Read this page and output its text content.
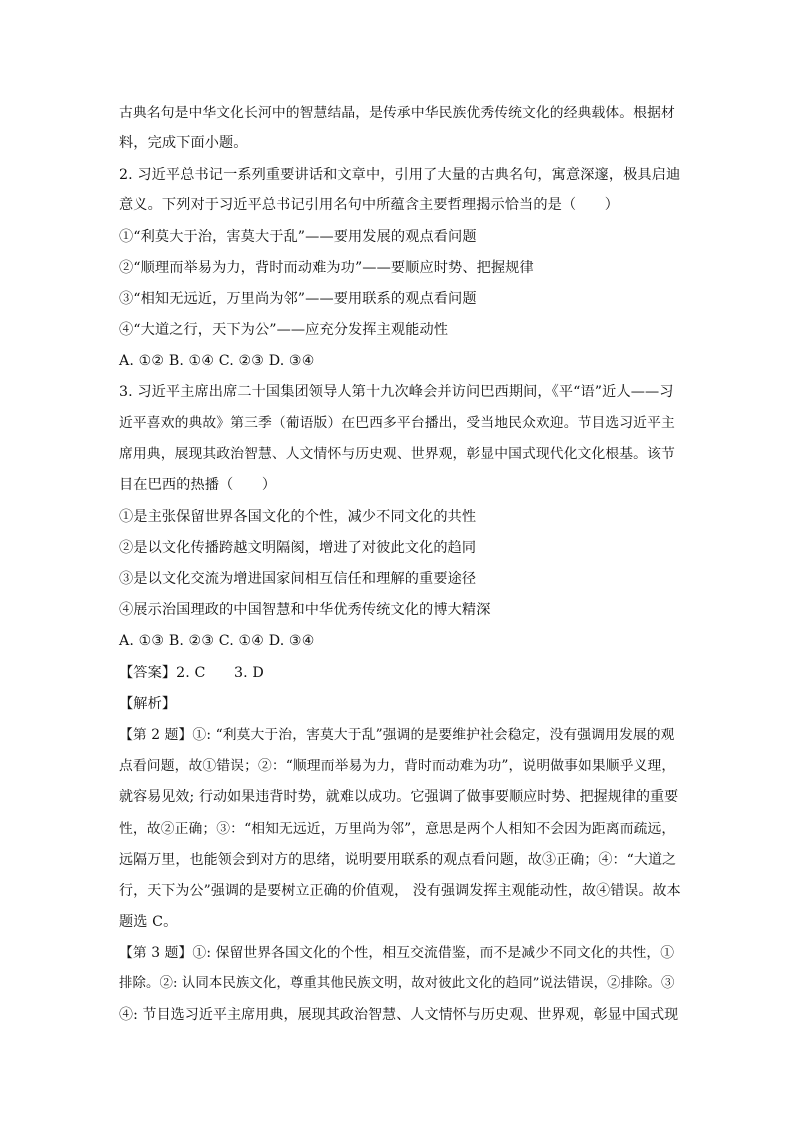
古典名句是中华文化长河中的智慧结晶，是传承中华民族优秀传统文化的经典载体。根据材
料，完成下面小题。
2. 习近平总书记一系列重要讲话和文章中，引用了大量的古典名句，寓意深邃，极具启迪
意义。下列对于习近平总书记引用名句中所蕴含主要哲理揭示恰当的是（　　）
①“利莫大于治，害莫大于乱”——要用发展的观点看问题
②“顺理而举易为力，背时而动难为功”——要顺应时势、把握规律
③“相知无远近，万里尚为邻”——要用联系的观点看问题
④“大道之行，天下为公”——应充分发挥主观能动性
A. ①② B. ①④ C. ②③ D. ③④
3. 习近平主席出席二十国集团领导人第十九次峰会并访问巴西期间，《平“语”近人——习
近平喜欢的典故》第三季（葡语版）在巴西多平台播出，受当地民众欢迎。节目选习近平主
席用典，展现其政治智慧、人文情怀与历史观、世界观，彰显中国式现代化文化根基。该节
目在巴西的热播（　　）
①是主张保留世界各国文化的个性，减少不同文化的共性
②是以文化传播跨越文明隔阂，增进了对彼此文化的趋同
③是以文化交流为增进国家间相互信任和理解的重要途径
④展示治国理政的中国智慧和中华优秀传统文化的博大精深
A. ①③ B. ②③ C. ①④ D. ③④
【答案】2. C　　3. D
【解析】
【第 2 题】①: “利莫大于治，害莫大于乱”强调的是要维护社会稳定，没有强调用发展的观
点看问题，故①错误；②：“顺理而举易为力，背时而动难为功”，说明做事如果顺乎义理，
就容易见效; 行动如果违背时势，就难以成功。它强调了做事要顺应时势、把握规律的重要
性，故②正确；③：“相知无远近，万里尚为邻”，意思是两个人相知不会因为距离而疏远，
远隔万里，也能领会到对方的思绪，说明要用联系的观点看问题，故③正确；④：“大道之
行，天下为公”强调的是要树立正确的价值观， 没有强调发挥主观能动性，故④错误。故本
题选 C。
【第 3 题】①: 保留世界各国文化的个性，相互交流借鉴，而不是减少不同文化的共性，①
排除。②: 认同本民族文化，尊重其他民族文明，故对彼此文化的趋同”说法错误，②排除。③
④: 节目选习近平主席用典，展现其政治智慧、人文情怀与历史观、世界观，彰显中国式现
